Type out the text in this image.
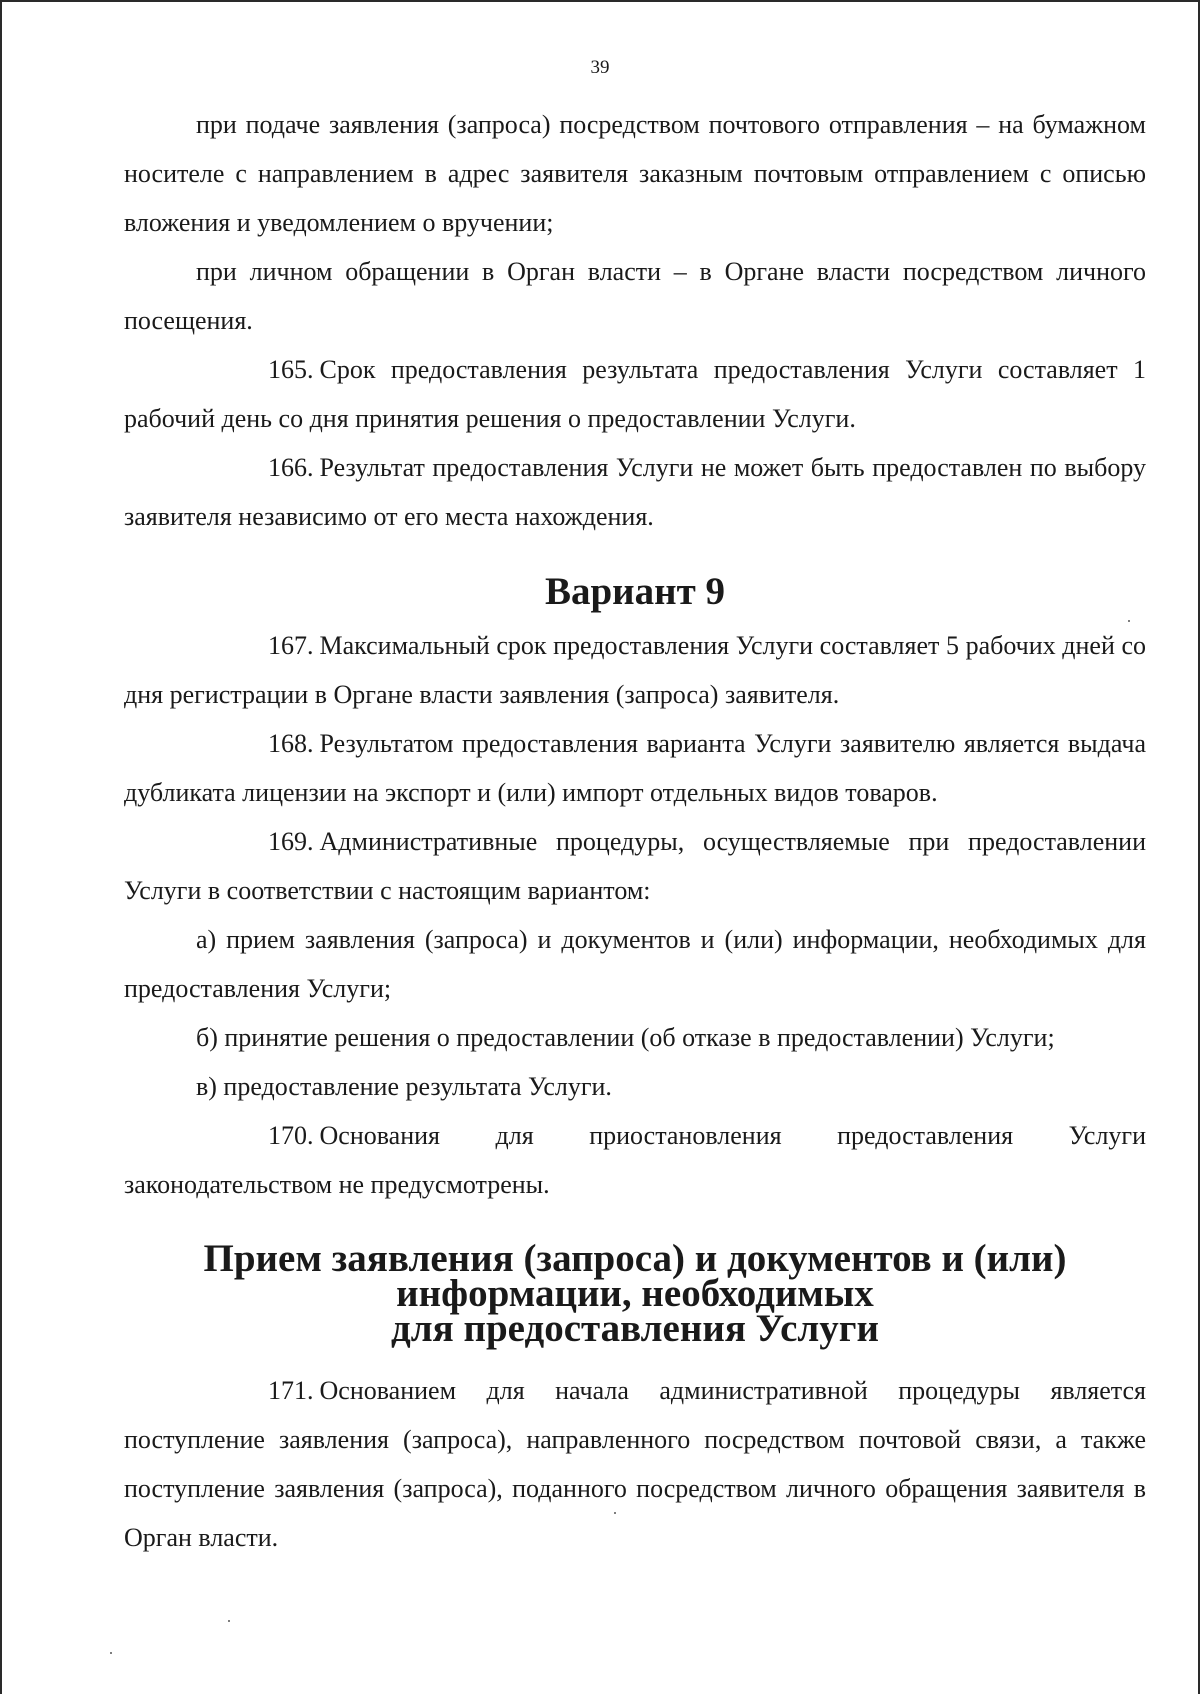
39

при подаче заявления (запроса) посредством почтового отправления – на бумажном носителе с направлением в адрес заявителя заказным почтовым отправлением с описью вложения и уведомлением о вручении;

при личном обращении в Орган власти – в Органе власти посредством личного посещения.

165. Срок предоставления результата предоставления Услуги составляет 1 рабочий день со дня принятия решения о предоставлении Услуги.

166. Результат предоставления Услуги не может быть предоставлен по выбору заявителя независимо от его места нахождения.

Вариант 9

167. Максимальный срок предоставления Услуги составляет 5 рабочих дней со дня регистрации в Органе власти заявления (запроса) заявителя.

168. Результатом предоставления варианта Услуги заявителю является выдача дубликата лицензии на экспорт и (или) импорт отдельных видов товаров.

169. Административные процедуры, осуществляемые при предоставлении Услуги в соответствии с настоящим вариантом:

а) прием заявления (запроса) и документов и (или) информации, необходимых для предоставления Услуги;

б) принятие решения о предоставлении (об отказе в предоставлении) Услуги;

в) предоставление результата Услуги.

170. Основания для приостановления предоставления Услуги законодательством не предусмотрены.

Прием заявления (запроса) и документов и (или) информации, необходимых
для предоставления Услуги

171. Основанием для начала административной процедуры является поступление заявления (запроса), направленного посредством почтовой связи, а также поступление заявления (запроса), поданного посредством личного обращения заявителя в Орган власти.
